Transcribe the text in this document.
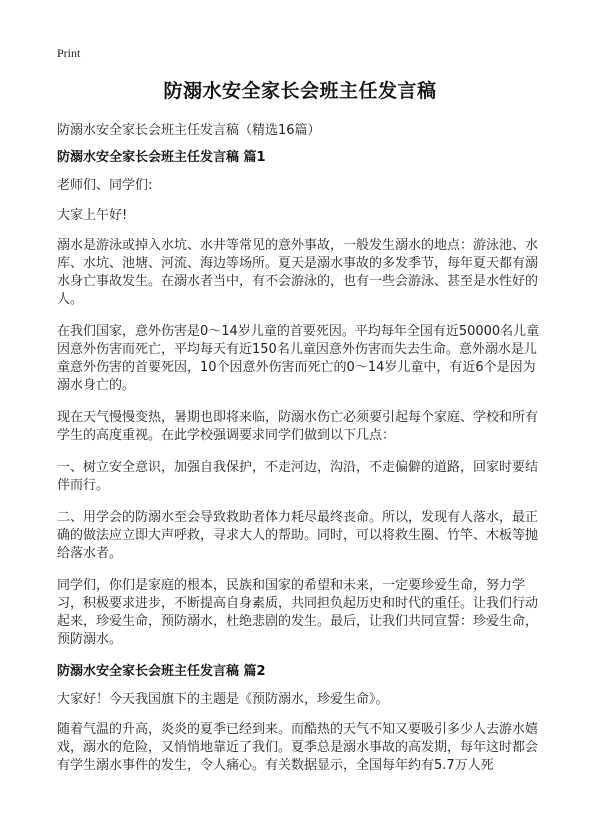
Print
防溺水安全家长会班主任发言稿
防溺水安全家长会班主任发言稿（精选16篇）
防溺水安全家长会班主任发言稿 篇1

老师们、同学们:

大家上午好!

溺水是游泳或掉入水坑、水井等常见的意外事故，一般发生溺水的地点：游泳池、水库、水坑、池塘、河流、海边等场所。夏天是溺水事故的多发季节，每年夏天都有溺水身亡事故发生。在溺水者当中，有不会游泳的，也有一些会游泳、甚至是水性好的人。

在我们国家，意外伤害是0～14岁儿童的首要死因。平均每年全国有近50000名儿童因意外伤害而死亡，平均每天有近150名儿童因意外伤害而失去生命。意外溺水是儿童意外伤害的首要死因，10个因意外伤害而死亡的0～14岁儿童中，有近6个是因为溺水身亡的。

现在天气慢慢变热，暑期也即将来临，防溺水伤亡必须要引起每个家庭、学校和所有学生的高度重视。在此学校强调要求同学们做到以下几点：

一、树立安全意识，加强自我保护，不走河边，沟沿，不走偏僻的道路，回家时要结伴而行。

二、用学会的防溺水至会导致救助者体力耗尽最终丧命。所以，发现有人落水，最正确的做法应立即大声呼救，寻求大人的帮助。同时，可以将救生圈、竹竿、木板等抛给落水者。

同学们，你们是家庭的根本，民族和国家的希望和未来，一定要珍爱生命，努力学习，积极要求进步，不断提高自身素质，共同担负起历史和时代的重任。让我们行动起来，珍爱生命，预防溺水，杜绝悲剧的发生。最后，让我们共同宣誓：珍爱生命，预防溺水。

防溺水安全家长会班主任发言稿 篇2

大家好！今天我国旗下的主题是《预防溺水，珍爱生命》。

随着气温的升高，炎炎的夏季已经到来。而酷热的天气不知又要吸引多少人去游水嬉戏，溺水的危险，又悄悄地靠近了我们。夏季总是溺水事故的高发期，每年这时都会有学生溺水事件的发生，令人痛心。有关数据显示，全国每年约有5.7万人死
